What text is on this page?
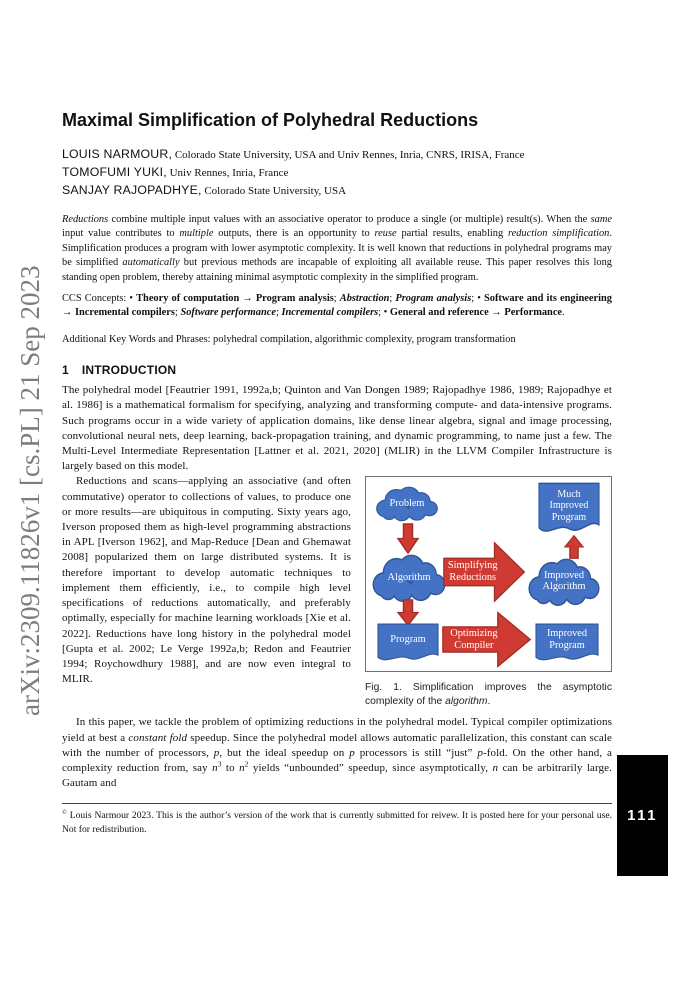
arXiv:2309.11826v1 [cs.PL] 21 Sep 2023
111
Maximal Simplification of Polyhedral Reductions
LOUIS NARMOUR, Colorado State University, USA and Univ Rennes, Inria, CNRS, IRISA, France
TOMOFUMI YUKI, Univ Rennes, Inria, France
SANJAY RAJOPADHYE, Colorado State University, USA

Reductions combine multiple input values with an associative operator to produce a single (or multiple) result(s). When the same input value contributes to multiple outputs, there is an opportunity to reuse partial results, enabling reduction simplification. Simplification produces a program with lower asymptotic complexity. It is well known that reductions in polyhedral programs may be simplified automatically but previous methods are incapable of exploiting all available reuse. This paper resolves this long standing open problem, thereby attaining minimal asymptotic complexity in the simplified program.

CCS Concepts: • Theory of computation → Program analysis; Abstraction; Program analysis; • Software and its engineering → Incremental compilers; Software performance; Incremental compilers; • General and reference → Performance.

Additional Key Words and Phrases: polyhedral compilation, algorithmic complexity, program transformation

1 INTRODUCTION

The polyhedral model [Feautrier 1991, 1992a,b; Quinton and Van Dongen 1989; Rajopadhye 1986, 1989; Rajopadhye et al. 1986] is a mathematical formalism for specifying, analyzing and transforming compute- and data-intensive programs. Such programs occur in a wide variety of application domains, like dense linear algebra, signal and image processing, convolutional neural nets, deep learning, back-propagation training, and dynamic programming, to name just a few. The Multi-Level Intermediate Representation [Lattner et al. 2021, 2020] (MLIR) in the LLVM Compiler Infrastructure is largely based on this model.

Problem
Much Improved Program
Algorithm
Simplifying Reductions	Improved Algorithm
Program
Optimizing Compiler
Improved Program
Fig. 1. Simplification improves the asymptotic complexity of the algorithm.

Reductions and scans—applying an associative (and often commutative) operator to collections of values, to produce one or more results—are ubiquitous in computing. Sixty years ago, Iverson proposed them as high-level programming abstractions in APL [Iverson 1962], and Map-Reduce [Dean and Ghemawat 2008] popularized them on large distributed systems. It is therefore important to develop automatic techniques to implement them efficiently, i.e., to compile high level specifications of reductions automatically, and preferably optimally, especially for machine learning workloads [Xie et al. 2022]. Reductions have long history in the polyhedral model [Gupta et al. 2002; Le Verge 1992a,b; Redon and Feautrier 1994; Roychowdhury 1988], and are now even integral to MLIR.

In this paper, we tackle the problem of optimizing reductions in the polyhedral model. Typical compiler optimizations yield at best a constant fold speedup. Since the polyhedral model allows automatic parallelization, this constant can scale with the number of processors, p, but the ideal speedup on p processors is still “just” p-fold. On the other hand, a complexity reduction from, say $n^3$ to $n^2$ yields “unbounded” speedup, since asymptotically, n can be arbitrarily large. Gautam and

© Louis Narmour 2023. This is the author’s version of the work that is currently submitted for reivew. It is posted here for your personal use. Not for redistribution.
